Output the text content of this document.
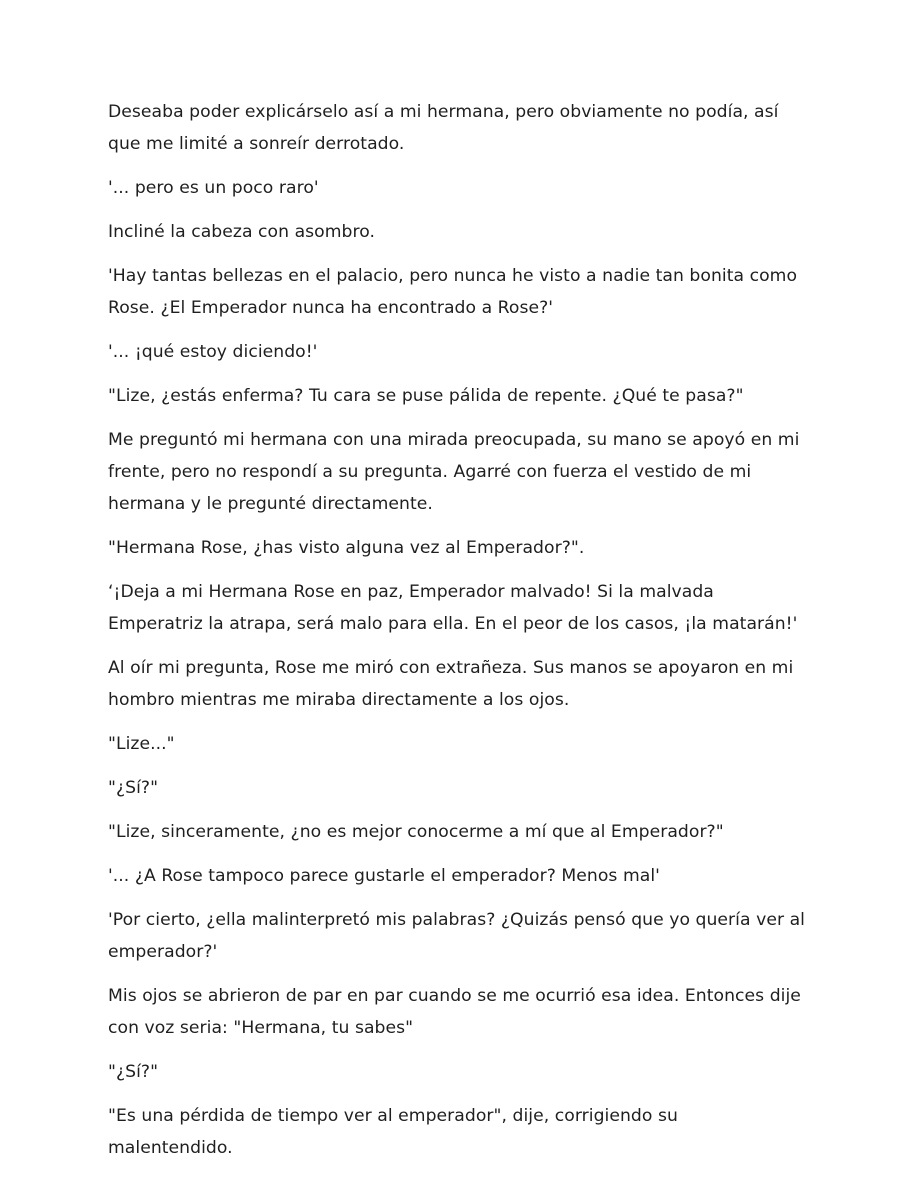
Deseaba poder explicárselo así a mi hermana, pero obviamente no podía, así que me limité a sonreír derrotado.

'... pero es un poco raro'

Incliné la cabeza con asombro.

'Hay tantas bellezas en el palacio, pero nunca he visto a nadie tan bonita como Rose. ¿El Emperador nunca ha encontrado a Rose?'

'... ¡qué estoy diciendo!'

"Lize, ¿estás enferma? Tu cara se puse pálida de repente. ¿Qué te pasa?"

Me preguntó mi hermana con una mirada preocupada, su mano se apoyó en mi frente, pero no respondí a su pregunta. Agarré con fuerza el vestido de mi hermana y le pregunté directamente.

"Hermana Rose, ¿has visto alguna vez al Emperador?".

‘¡Deja a mi Hermana Rose en paz, Emperador malvado! Si la malvada Emperatriz la atrapa, será malo para ella. En el peor de los casos, ¡la matarán!'

Al oír mi pregunta, Rose me miró con extrañeza. Sus manos se apoyaron en mi hombro mientras me miraba directamente a los ojos.

"Lize..."

"¿Sí?"

"Lize, sinceramente, ¿no es mejor conocerme a mí que al Emperador?"

'... ¿A Rose tampoco parece gustarle el emperador? Menos mal'

'Por cierto, ¿ella malinterpretó mis palabras? ¿Quizás pensó que yo quería ver al emperador?'

Mis ojos se abrieron de par en par cuando se me ocurrió esa idea. Entonces dije con voz seria: "Hermana, tu sabes"

"¿Sí?"

"Es una pérdida de tiempo ver al emperador", dije, corrigiendo su malentendido.
